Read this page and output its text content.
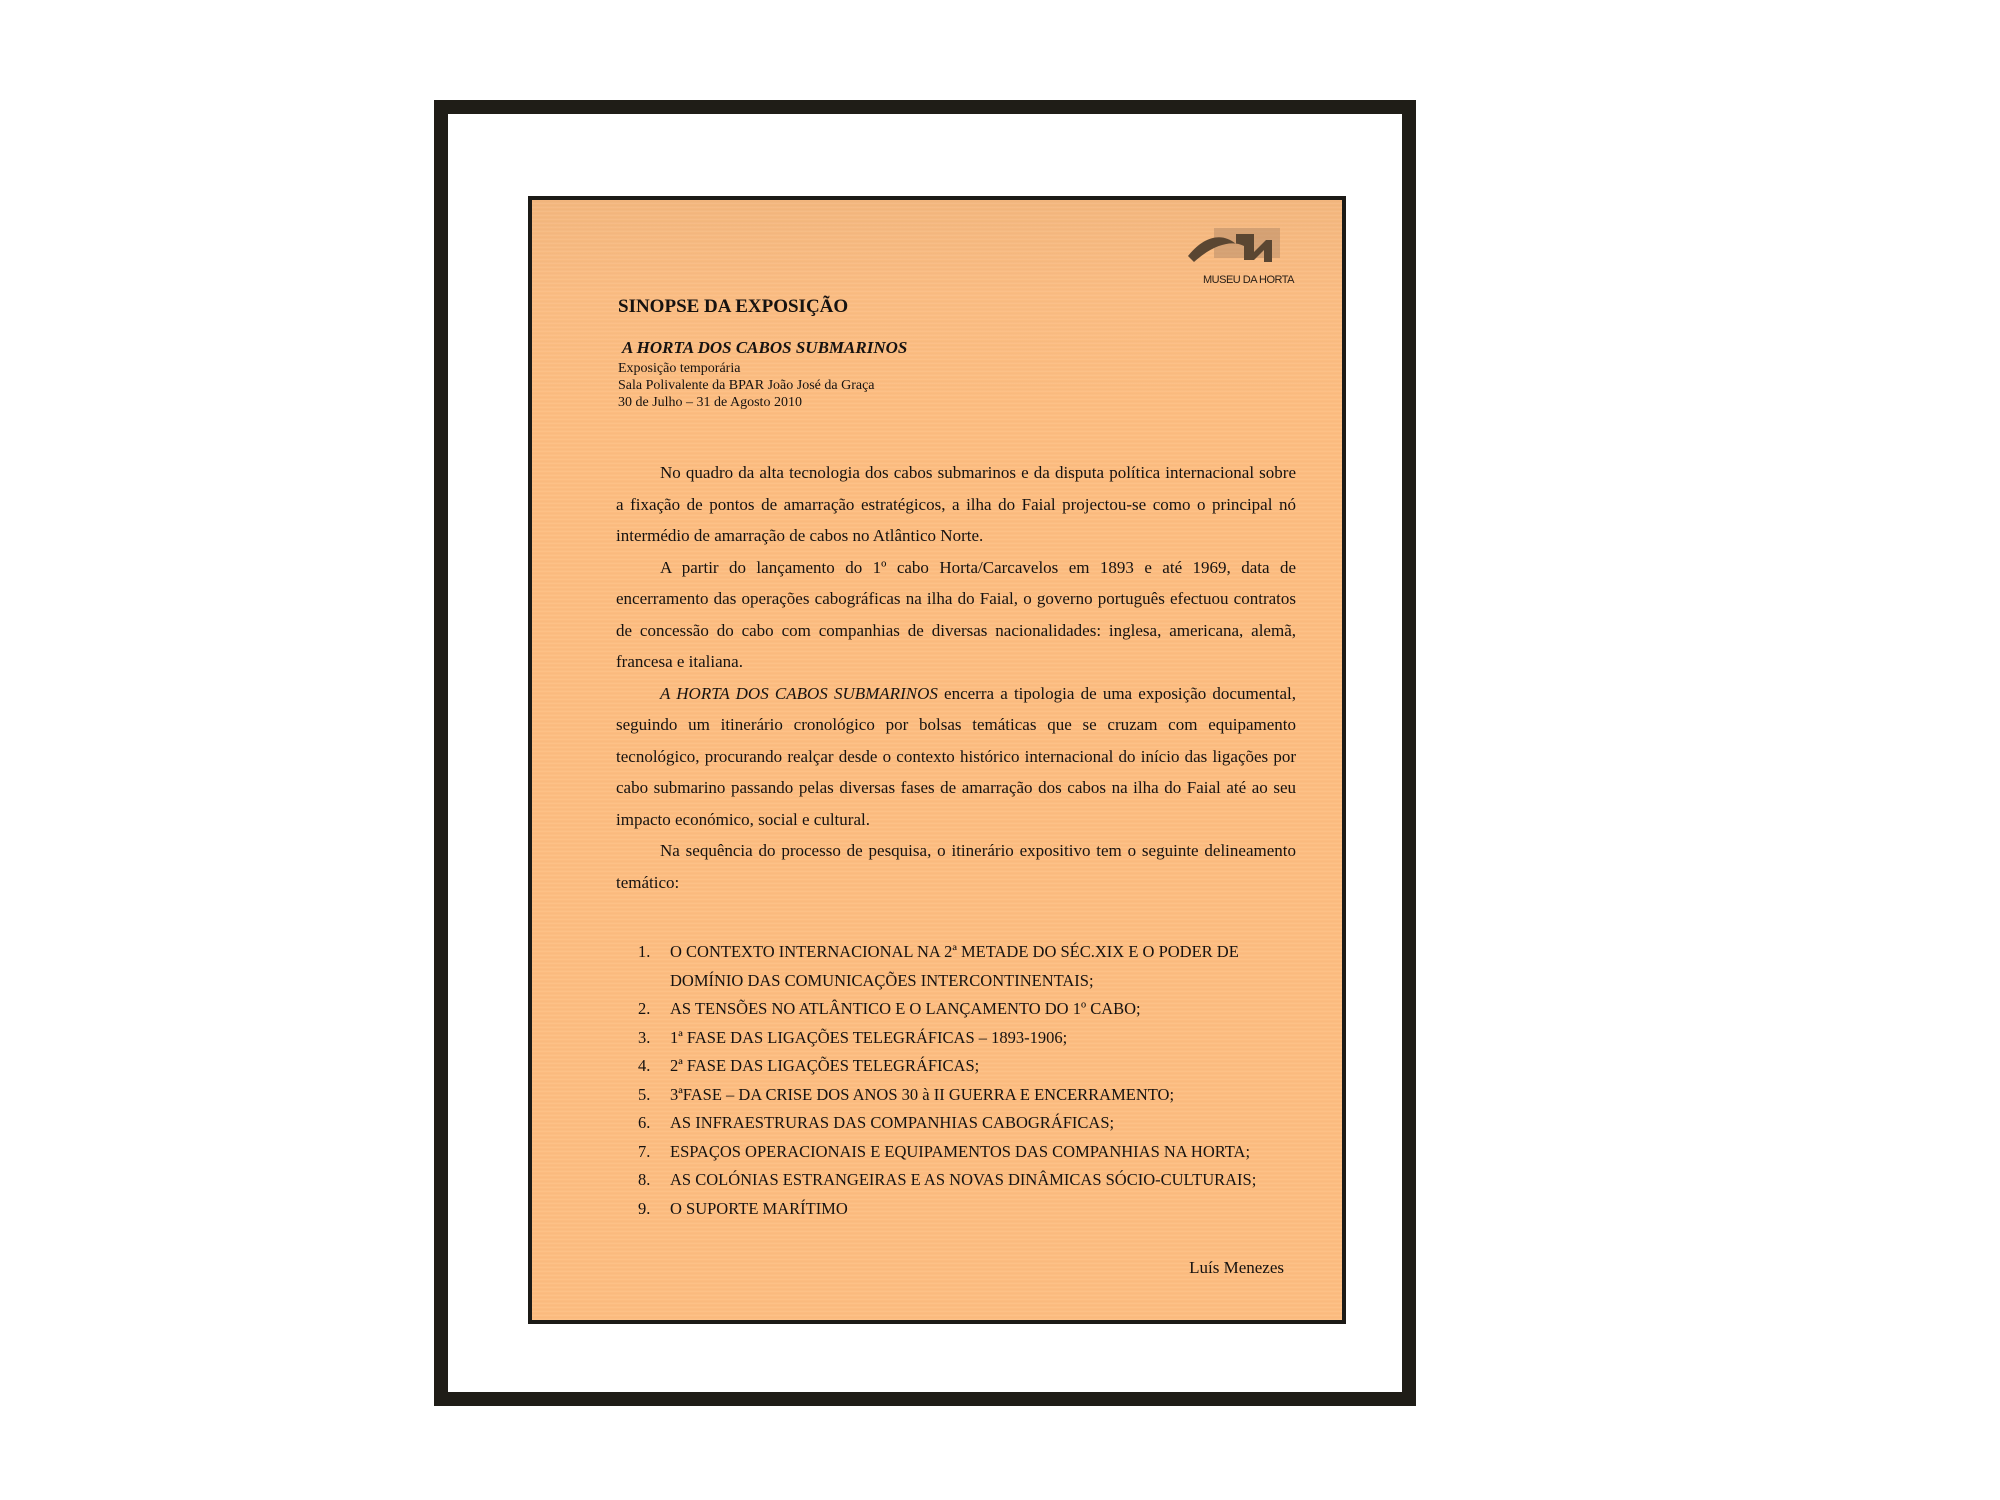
MUSEU DA HORTA
SINOPSE DA EXPOSIÇÃO
A HORTA DOS CABOS SUBMARINOS
Exposição temporária
Sala Polivalente da BPAR João José da Graça
30 de Julho – 31 de Agosto 2010

No quadro da alta tecnologia dos cabos submarinos e da disputa política internacional sobre a fixação de pontos de amarração estratégicos, a ilha do Faial projectou-se como o principal nó intermédio de amarração de cabos no Atlântico Norte.

A partir do lançamento do 1º cabo Horta/Carcavelos em 1893 e até 1969, data de encerramento das operações cabográficas na ilha do Faial, o governo português efectuou contratos de concessão do cabo com companhias de diversas nacionalidades: inglesa, americana, alemã, francesa e italiana.

A HORTA DOS CABOS SUBMARINOS encerra a tipologia de uma exposição documental, seguindo um itinerário cronológico por bolsas temáticas que se cruzam com equipamento tecnológico, procurando realçar desde o contexto histórico internacional do início das ligações por cabo submarino passando pelas diversas fases de amarração dos cabos na ilha do Faial até ao seu impacto económico, social e cultural.

Na sequência do processo de pesquisa, o itinerário expositivo tem o seguinte delineamento temático:

1. O CONTEXTO INTERNACIONAL NA 2ª METADE DO SÉC.XIX E O PODER DE DOMÍNIO DAS COMUNICAÇÕES INTERCONTINENTAIS;
2. AS TENSÕES NO ATLÂNTICO E O LANÇAMENTO DO 1º CABO;
3. 1ª FASE DAS LIGAÇÕES TELEGRÁFICAS – 1893-1906;
4. 2ª FASE DAS LIGAÇÕES TELEGRÁFICAS;
5. 3ªFASE – DA CRISE DOS ANOS 30 à II GUERRA E ENCERRAMENTO;
6. AS INFRAESTRURAS DAS COMPANHIAS CABOGRÁFICAS;
7. ESPAÇOS OPERACIONAIS E EQUIPAMENTOS DAS COMPANHIAS NA HORTA;
8. AS COLÓNIAS ESTRANGEIRAS E AS NOVAS DINÂMICAS SÓCIO-CULTURAIS;
9. O SUPORTE MARÍTIMO
Luís Menezes
